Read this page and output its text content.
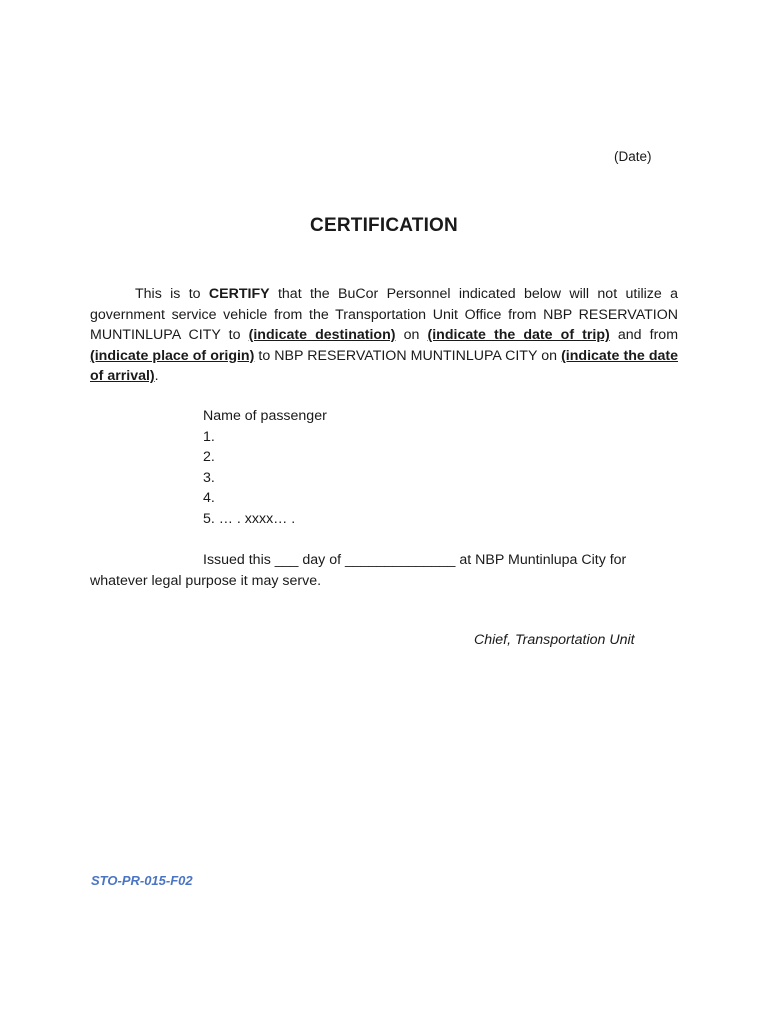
(Date)
CERTIFICATION
This is to CERTIFY that the BuCor Personnel indicated below will not utilize a government service vehicle from the Transportation Unit Office from NBP RESERVATION MUNTINLUPA CITY to (indicate destination) on (indicate the date of trip) and from (indicate place of origin) to NBP RESERVATION MUNTINLUPA CITY on (indicate the date of arrival).
Name of passenger
1.
2.
3.
4.
5. … . xxxx… .
Issued this ___ day of ______________ at NBP Muntinlupa City for whatever legal purpose it may serve.
Chief, Transportation Unit
STO-PR-015-F02
